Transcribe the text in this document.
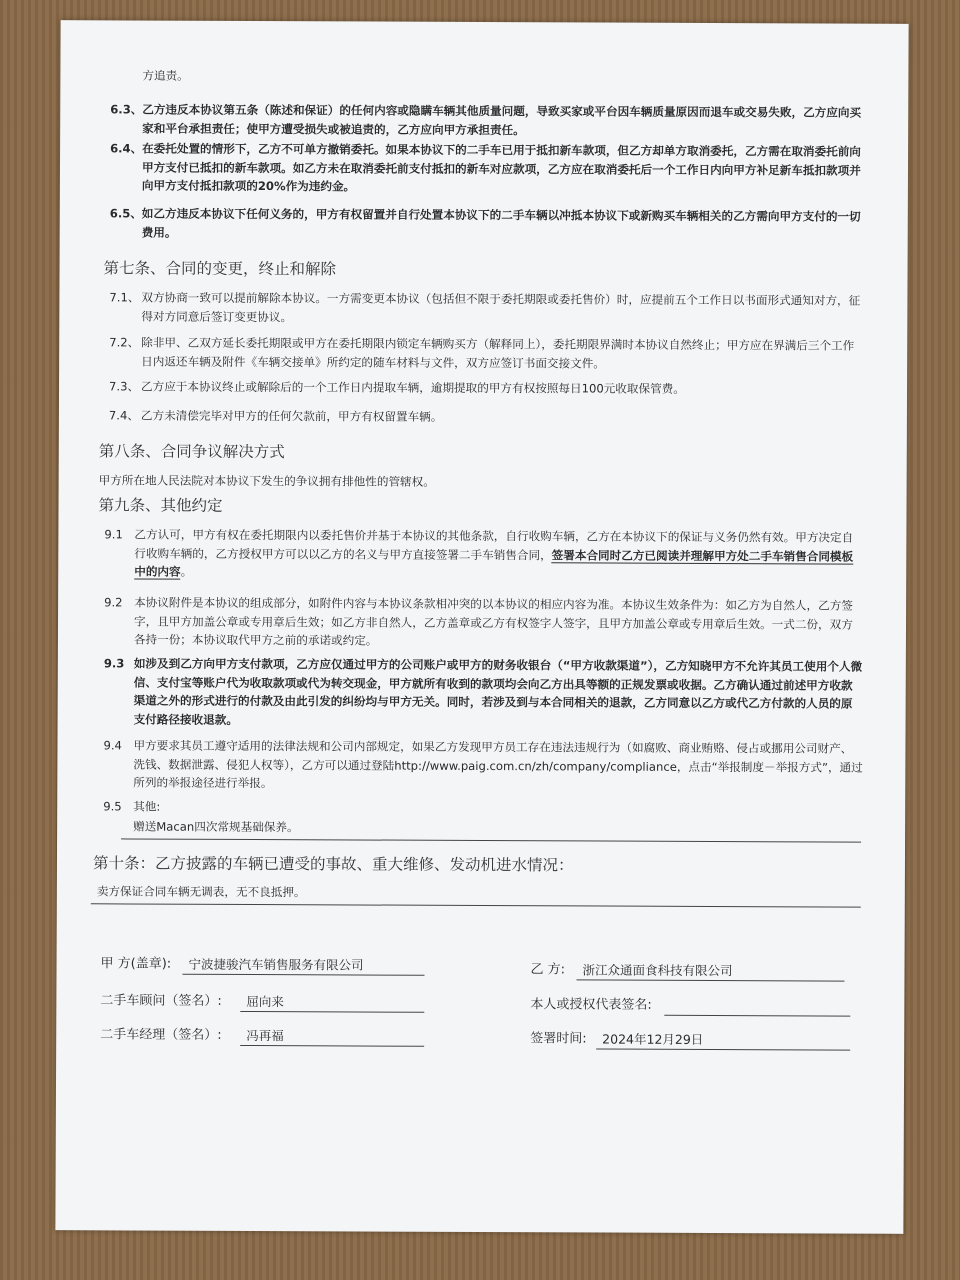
方追责。
6.3、 乙方违反本协议第五条（陈述和保证）的任何内容或隐瞒车辆其他质量问题，导致买家或平台因车辆质量原因而退车或交易失败，乙方应向买家和平台承担责任；使甲方遭受损失或被追责的，乙方应向甲方承担责任。
6.4、 在委托处置的情形下，乙方不可单方撤销委托。如果本协议下的二手车已用于抵扣新车款项，但乙方却单方取消委托，乙方需在取消委托前向甲方支付已抵扣的新车款项。如乙方未在取消委托前支付抵扣的新车对应款项，乙方应在取消委托后一个工作日内向甲方补足新车抵扣款项并向甲方支付抵扣款项的20%作为违约金。
6.5、 如乙方违反本协议下任何义务的，甲方有权留置并自行处置本协议下的二手车辆以冲抵本协议下或新购买车辆相关的乙方需向甲方支付的一切费用。
第七条、合同的变更，终止和解除
7.1、 双方协商一致可以提前解除本协议。一方需变更本协议（包括但不限于委托期限或委托售价）时，应提前五个工作日以书面形式通知对方，征得对方同意后签订变更协议。
7.2、 除非甲、乙双方延长委托期限或甲方在委托期限内锁定车辆购买方（解释同上），委托期限界满时本协议自然终止；甲方应在界满后三个工作日内返还车辆及附件《车辆交接单》所约定的随车材料与文件，双方应签订书面交接文件。
7.3、 乙方应于本协议终止或解除后的一个工作日内提取车辆，逾期提取的甲方有权按照每日100元收取保管费。
7.4、 乙方未清偿完毕对甲方的任何欠款前，甲方有权留置车辆。
第八条、合同争议解决方式
甲方所在地人民法院对本协议下发生的争议拥有排他性的管辖权。
第九条、其他约定
9.1 乙方认可，甲方有权在委托期限内以委托售价并基于本协议的其他条款，自行收购车辆，乙方在本协议下的保证与义务仍然有效。甲方决定自行收购车辆的，乙方授权甲方可以以乙方的名义与甲方直接签署二手车销售合同，签署本合同时乙方已阅读并理解甲方处二手车销售合同模板中的内容。
9.2 本协议附件是本协议的组成部分，如附件内容与本协议条款相冲突的以本协议的相应内容为准。本协议生效条件为：如乙方为自然人，乙方签字，且甲方加盖公章或专用章后生效；如乙方非自然人，乙方盖章或乙方有权签字人签字，且甲方加盖公章或专用章后生效。一式二份，双方各持一份；本协议取代甲方之前的承诺或约定。
9.3 如涉及到乙方向甲方支付款项，乙方应仅通过甲方的公司账户或甲方的财务收银台（“甲方收款渠道”），乙方知晓甲方不允许其员工使用个人微信、支付宝等账户代为收取款项或代为转交现金，甲方就所有收到的款项均会向乙方出具等额的正规发票或收据。乙方确认通过前述甲方收款渠道之外的形式进行的付款及由此引发的纠纷均与甲方无关。同时，若涉及到与本合同相关的退款，乙方同意以乙方或代乙方付款的人员的原支付路径接收退款。
9.4 甲方要求其员工遵守适用的法律法规和公司内部规定，如果乙方发现甲方员工存在违法违规行为（如腐败、商业贿赂、侵占或挪用公司财产、洗钱、数据泄露、侵犯人权等），乙方可以通过登陆http://www.paig.com.cn/zh/company/compliance，点击“举报制度－举报方式”，通过所列的举报途径进行举报。
9.5 其他:
赠送Macan四次常规基础保养。
第十条：乙方披露的车辆已遭受的事故、重大维修、发动机进水情况：
卖方保证合同车辆无调表，无不良抵押。
甲 方(盖章):	宁波捷骏汽车销售服务有限公司
二手车顾问（签名）:	屈向来
二手车经理（签名）:	冯再福
乙 方:	浙江众通面食科技有限公司
本人或授权代表签名:
签署时间:	2024年12月29日
